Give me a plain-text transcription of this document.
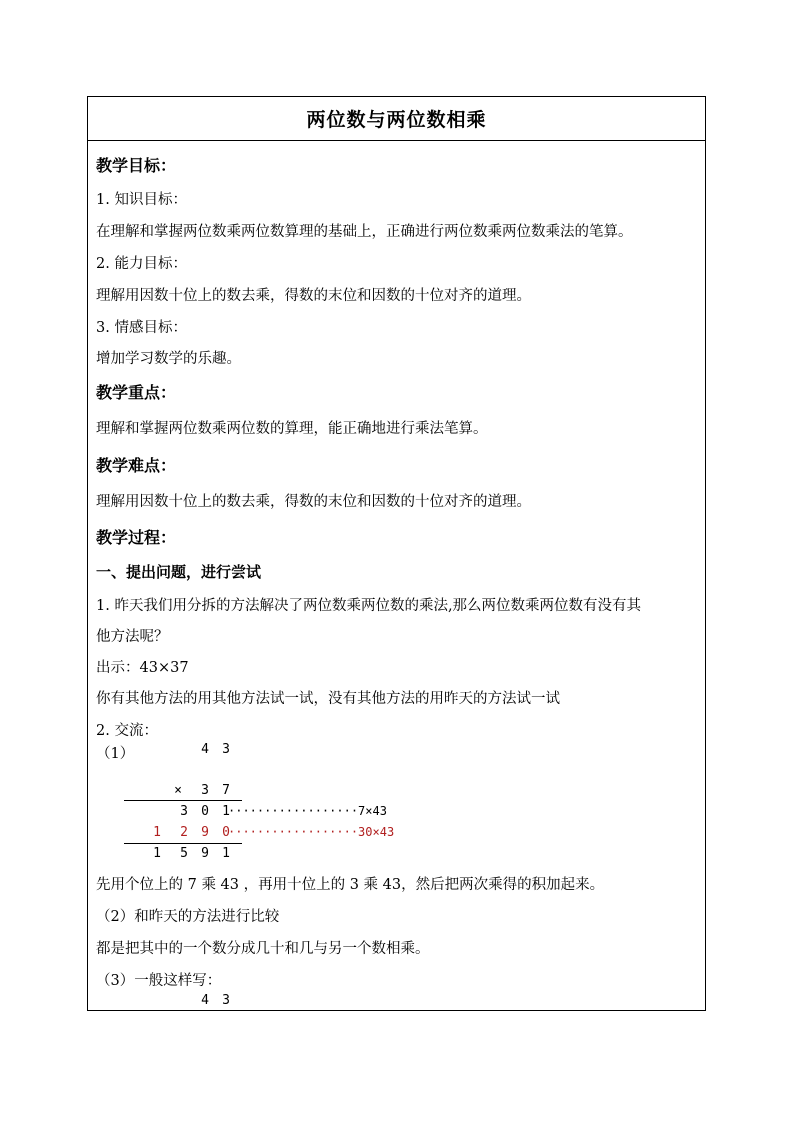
两位数与两位数相乘
教学目标：
1. 知识目标：
在理解和掌握两位数乘两位数算理的基础上，正确进行两位数乘两位数乘法的笔算。
2. 能力目标：
理解用因数十位上的数去乘，得数的末位和因数的十位对齐的道理。
3. 情感目标：
增加学习数学的乐趣。
教学重点：
理解和掌握两位数乘两位数的算理，能正确地进行乘法笔算。
教学难点：
理解用因数十位上的数去乘，得数的末位和因数的十位对齐的道理。
教学过程：
一、提出问题，进行尝试
1. 昨天我们用分拆的方法解决了两位数乘两位数的乘法,那么两位数乘两位数有没有其
他方法呢？
出示：43×37
你有其他方法的用其他方法试一试，没有其他方法的用昨天的方法试一试
2. 交流：
（1）	4 3
× 3 7
3 0 1
··················7×43
1 2 9 0
··················30×43
1 5 9 1
先用个位上的 7 乘 43 ，再用十位上的 3 乘 43，然后把两次乘得的积加起来。
（2）和昨天的方法进行比较
都是把其中的一个数分成几十和几与另一个数相乘。
（3）一般这样写：
4 3
